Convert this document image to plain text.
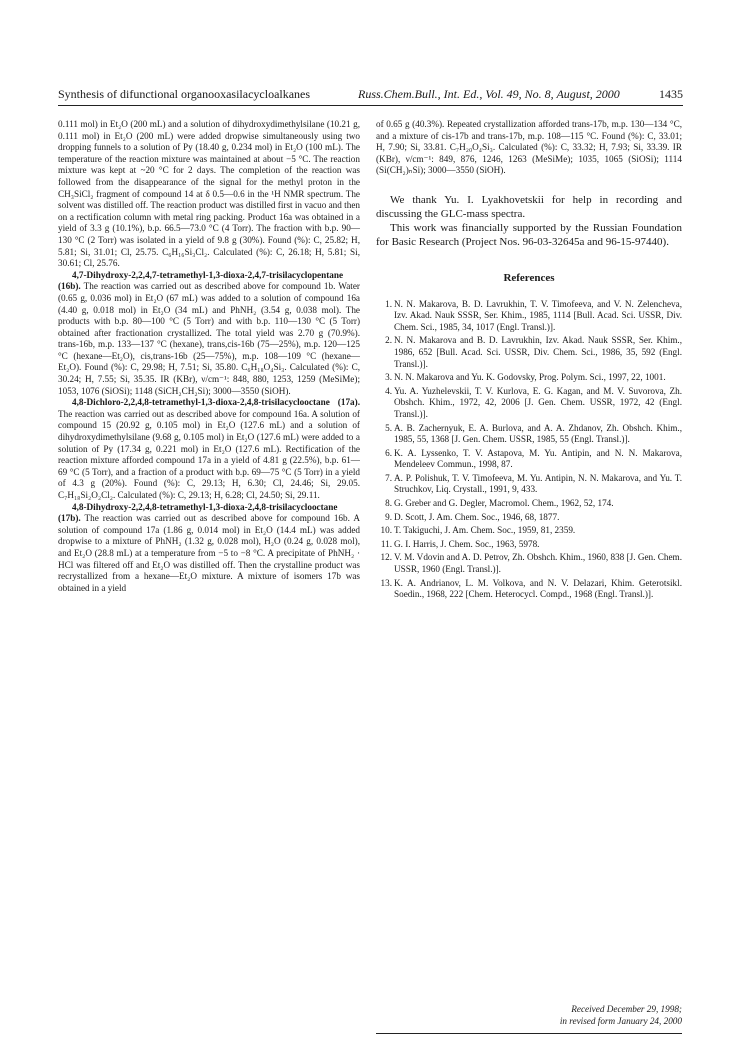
Synthesis of difunctional organooxasilacycloalkanes	Russ.Chem.Bull., Int. Ed., Vol. 49, No. 8, August, 2000	1435

0.111 mol) in Et₂O (200 mL) and a solution of dihydroxydimethylsilane (10.21 g, 0.111 mol) in Et₂O (200 mL) were added dropwise simultaneously using two dropping funnels to a solution of Py (18.40 g, 0.234 mol) in Et₂O (100 mL). The temperature of the reaction mixture was maintained at about −5 °C. The reaction mixture was kept at ~20 °C for 2 days. The completion of the reaction was followed from the disappearance of the signal for the methyl proton in the CH₃SiCl₂ fragment of compound 14 at δ 0.5—0.6 in the ¹H NMR spectrum. The solvent was distilled off. The reaction product was distilled first in vacuo and then on a rectification column with metal ring packing. Product 16a was obtained in a yield of 3.3 g (10.1%), b.p. 66.5—73.0 °C (4 Torr). The fraction with b.p. 90—130 °C (2 Torr) was isolated in a yield of 9.8 g (30%). Found (%): C, 25.82; H, 5.81; Si, 31.01; Cl, 25.75. C₆H₁₆Si₃Cl₂. Calculated (%): C, 26.18; H, 5.81; Si, 30.61; Cl, 25.76.

4,7-Dihydroxy-2,2,4,7-tetramethyl-1,3-dioxa-2,4,7-trisilacyclopentane (16b). The reaction was carried out as described above for compound 1b. Water (0.65 g, 0.036 mol) in Et₂O (67 mL) was added to a solution of compound 16a (4.40 g, 0.018 mol) in Et₂O (34 mL) and PhNH₂ (3.54 g, 0.038 mol). The products with b.p. 80—100 °C (5 Torr) and with b.p. 110—130 °C (5 Torr) obtained after fractionation crystallized. The total yield was 2.70 g (70.9%). trans-16b, m.p. 133—137 °C (hexane), trans,cis-16b (75—25%), m.p. 120—125 °C (hexane—Et₂O), cis,trans-16b (25—75%), m.p. 108—109 °C (hexane—Et₂O). Found (%): C, 29.98; H, 7.51; Si, 35.80. C₆H₁₈O₄Si₃. Calculated (%): C, 30.24; H, 7.55; Si, 35.35. IR (KBr), ν/cm⁻¹: 848, 880, 1253, 1259 (MeSiMe); 1053, 1076 (SiOSi); 1148 (SiCH₂CH₂Si); 3000—3550 (SiOH).

4,8-Dichloro-2,2,4,8-tetramethyl-1,3-dioxa-2,4,8-trisilacyclooctane (17a). The reaction was carried out as described above for compound 16a. A solution of compound 15 (20.92 g, 0.105 mol) in Et₂O (127.6 mL) and a solution of dihydroxydimethylsilane (9.68 g, 0.105 mol) in Et₂O (127.6 mL) were added to a solution of Py (17.34 g, 0.221 mol) in Et₂O (127.6 mL). Rectification of the reaction mixture afforded compound 17a in a yield of 4.81 g (22.5%), b.p. 61—69 °C (5 Torr), and a fraction of a product with b.p. 69—75 °C (5 Torr) in a yield of 4.3 g (20%). Found (%): C, 29.13; H, 6.30; Cl, 24.46; Si, 29.05. C₇H₁₈Si₂O₂Cl₂. Calculated (%): C, 29.13; H, 6.28; Cl, 24.50; Si, 29.11.

4,8-Dihydroxy-2,2,4,8-tetramethyl-1,3-dioxa-2,4,8-trisilacyclooctane (17b). The reaction was carried out as described above for compound 16b. A solution of compound 17a (1.86 g, 0.014 mol) in Et₂O (14.4 mL) was added dropwise to a mixture of PhNH₂ (1.32 g, 0.028 mol), H₂O (0.24 g, 0.028 mol), and Et₂O (28.8 mL) at a temperature from −5 to −8 °C. A precipitate of PhNH₂ · HCl was filtered off and Et₂O was distilled off. Then the crystalline product was recrystallized from a hexane—Et₂O mixture. A mixture of isomers 17b was obtained in a yield

of 0.65 g (40.3%). Repeated crystallization afforded trans-17b, m.p. 130—134 °C, and a mixture of cis-17b and trans-17b, m.p. 108—115 °C. Found (%): C, 33.01; H, 7.90; Si, 33.81. C₇H₂₀O₄Si₃. Calculated (%): C, 33.32; H, 7.93; Si, 33.39. IR (KBr), ν/cm⁻¹: 849, 876, 1246, 1263 (MeSiMe); 1035, 1065 (SiOSi); 1114 (Si(CH₂)ₙSi); 3000—3550 (SiOH).

We thank Yu. I. Lyakhovetskii for help in recording and discussing the GLC-mass spectra.

This work was financially supported by the Russian Foundation for Basic Research (Project Nos. 96-03-32645a and 96-15-97440).

References
1. N. N. Makarova, B. D. Lavrukhin, T. V. Timofeeva, and V. N. Zelencheva, Izv. Akad. Nauk SSSR, Ser. Khim., 1985, 1114 [Bull. Acad. Sci. USSR, Div. Chem. Sci., 1985, 34, 1017 (Engl. Transl.)].
2. N. N. Makarova and B. D. Lavrukhin, Izv. Akad. Nauk SSSR, Ser. Khim., 1986, 652 [Bull. Acad. Sci. USSR, Div. Chem. Sci., 1986, 35, 592 (Engl. Transl.)].
3. N. N. Makarova and Yu. K. Godovsky, Prog. Polym. Sci., 1997, 22, 1001.
4. Yu. A. Yuzhelevskii, T. V. Kurlova, E. G. Kagan, and M. V. Suvorova, Zh. Obshch. Khim., 1972, 42, 2006 [J. Gen. Chem. USSR, 1972, 42 (Engl. Transl.)].
5. A. B. Zachernyuk, E. A. Burlova, and A. A. Zhdanov, Zh. Obshch. Khim., 1985, 55, 1368 [J. Gen. Chem. USSR, 1985, 55 (Engl. Transl.)].
6. K. A. Lyssenko, T. V. Astapova, M. Yu. Antipin, and N. N. Makarova, Mendeleev Commun., 1998, 87.
7. A. P. Polishuk, T. V. Timofeeva, M. Yu. Antipin, N. N. Makarova, and Yu. T. Struchkov, Liq. Crystall., 1991, 9, 433.
8. G. Greber and G. Degler, Macromol. Chem., 1962, 52, 174.
9. D. Scott, J. Am. Chem. Soc., 1946, 68, 1877.
10. T. Takiguchi, J. Am. Chem. Soc., 1959, 81, 2359.
11. G. I. Harris, J. Chem. Soc., 1963, 5978.
12. V. M. Vdovin and A. D. Petrov, Zh. Obshch. Khim., 1960, 838 [J. Gen. Chem. USSR, 1960 (Engl. Transl.)].
13. K. A. Andrianov, L. M. Volkova, and N. V. Delazari, Khim. Geterotsikl. Soedin., 1968, 222 [Chem. Heterocycl. Compd., 1968 (Engl. Transl.)].
Received December 29, 1998;
in revised form January 24, 2000
